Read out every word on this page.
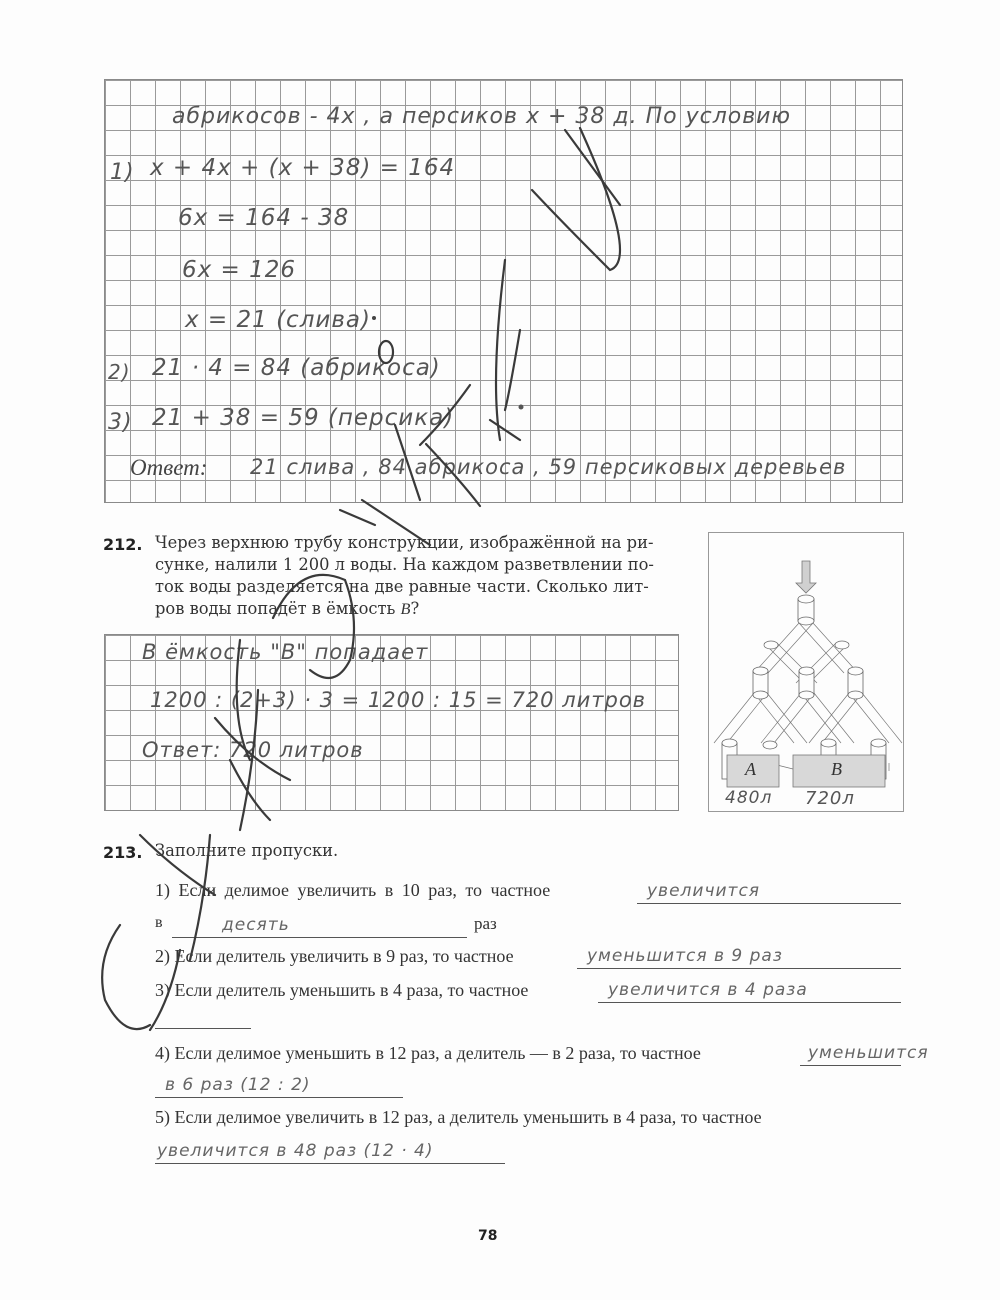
абрикосов - 4x , а персиков x + 38 д. По условию
1) x + 4x + (x + 38) = 164
6x = 164 - 38
6x = 126
x = 21 (слива)
2) 21 · 4 = 84 (абрикоса)
3) 21 + 38 = 59 (персика)
Ответ: 21 слива , 84 абрикоса , 59 персиковых деревьев
212. Через верхнюю трубу конструкции, изображённой на ри-
сунке, налили 1 200 л воды. На каждом разветвлении по-
ток воды разделяется на две равные части. Сколько лит-
ров воды попадёт в ёмкость B?
В ёмкость "В" попадает
1200 : (2+3) · 3 = 1200 : 15 = 720 литров
Ответ: 720 литров
A	B
480л 720л
213. Заполните пропуски.
1) Если делимое увеличить в 10 раз, то частное	увеличится
в	десять	раз
2) Если делитель увеличить в 9 раз, то частное	уменьшится в 9 раз
3) Если делитель уменьшить в 4 раза, то частное	увеличится в 4 раза
4) Если делимое уменьшить в 12 раз, а делитель — в 2 раза, то частное	уменьшится
в 6 раз (12 : 2)
5) Если делимое увеличить в 12 раз, а делитель уменьшить в 4 раза, то частное
увеличится в 48 раз (12 · 4)
78
